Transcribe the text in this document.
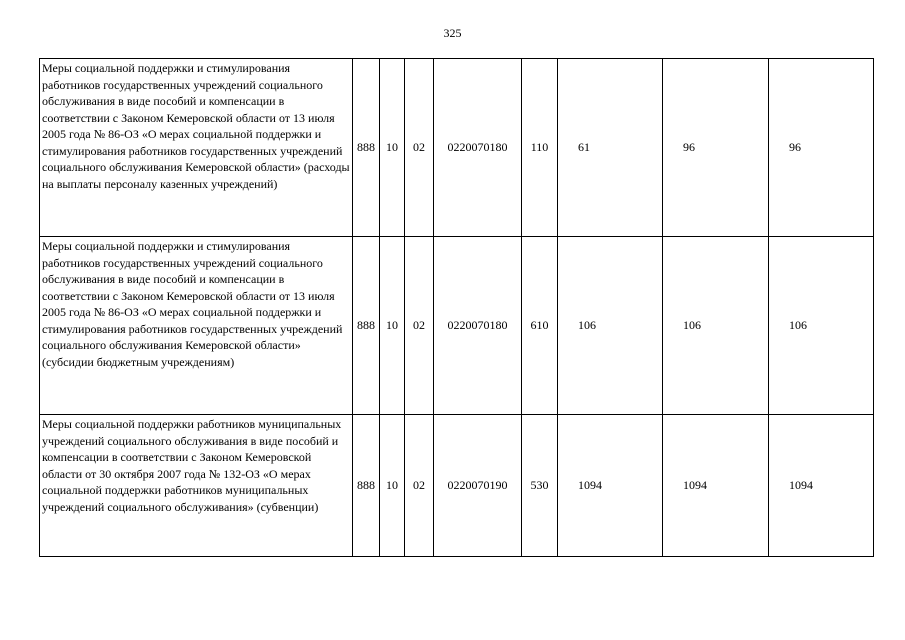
325
Меры социальной поддержки и стимулирования работников государственных учреждений социального обслуживания в виде пособий и компенсации в соответствии с Законом Кемеровской области от 13 июля 2005 года № 86-ОЗ «О мерах социальной поддержки и стимулирования работников государственных учреждений социального обслуживания Кемеровской области» (расходы на выплаты персоналу казенных учреждений)	888	10	02	0220070180	110	61	96	96
Меры социальной поддержки и стимулирования работников государственных учреждений социального обслуживания в виде пособий и компенсации в соответствии с Законом Кемеровской области от 13 июля 2005 года № 86-ОЗ «О мерах социальной поддержки и стимулирования работников государственных учреждений социального обслуживания Кемеровской области» (субсидии бюджетным учреждениям)	888	10	02	0220070180	610	106	106	106
Меры социальной поддержки работников муниципальных учреждений социального обслуживания в виде пособий и компенсации в соответствии с Законом Кемеровской области от 30 октября 2007 года № 132-ОЗ «О мерах социальной поддержки работников муниципальных учреждений социального обслуживания» (субвенции)	888	10	02	0220070190	530	1094	1094	1094
